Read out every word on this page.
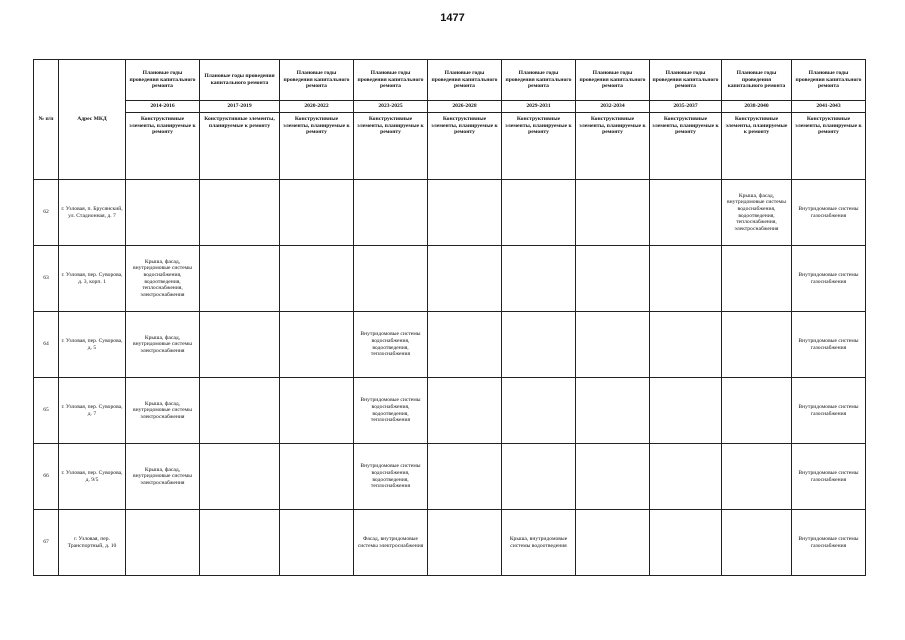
1477
№ п/п	Адрес МКД	Плановые годы проведения капитального ремонта	Плановые годы проведения капитального ремонта	Плановые годы проведения капитального ремонта	Плановые годы проведения капитального ремонта	Плановые годы проведения капитального ремонта	Плановые годы проведения капитального ремонта	Плановые годы проведения капитального ремонта	Плановые годы проведения капитального ремонта	Плановые годы проведения капитального ремонта	Плановые годы проведения капитального ремонта
		2014-2016	2017-2019	2020-2022	2023-2025	2026-2028	2029-2031	2032-2034	2035-2037	2038-2040	2041-2043
		Конструктивные элементы, планируемые к ремонту	Конструктивные элементы, планируемые к ремонту	Конструктивные элементы, планируемые к ремонту	Конструктивные элементы, планируемые к ремонту	Конструктивные элементы, планируемые к ремонту	Конструктивные элементы, планируемые к ремонту	Конструктивные элементы, планируемые к ремонту	Конструктивные элементы, планируемые к ремонту	Конструктивные элементы, планируемые к ремонту	Конструктивные элементы, планируемые к ремонту
62	г. Узловая, п. Брусянский, ул. Стадионная, д. 7									Крыша, фасад, внутридомовые системы водоснабжения, водоотведения, теплоснабжения, электроснабжения	Внутридомовые системы газоснабжения
63	г. Узловая, пер. Суворова, д. 3, корп. 1	Крыша, фасад, внутридомовые системы водоснабжения, водоотведения, теплоснабжения, электроснабжения									Внутридомовые системы газоснабжения
64	г. Узловая, пер. Суворова, д. 5	Крыша, фасад, внутридомовые системы электроснабжения			Внутридомовые системы водоснабжения, водоотведения, теплоснабжения						Внутридомовые системы газоснабжения
65	г. Узловая, пер. Суворова, д. 7	Крыша, фасад, внутридомовые системы электроснабжения			Внутридомовые системы водоснабжения, водоотведения, теплоснабжения						Внутридомовые системы газоснабжения
66	г. Узловая, пер. Суворова, д. 9/5	Крыша, фасад, внутридомовые системы электроснабжения			Внутридомовые системы водоснабжения, водоотведения, теплоснабжения						Внутридомовые системы газоснабжения
67	г. Узловая, пер. Транспортный, д. 10				Фасад, внутридомовые системы электроснабжения		Крыша, внутридомовые системы водоотведения				Внутридомовые системы газоснабжения
